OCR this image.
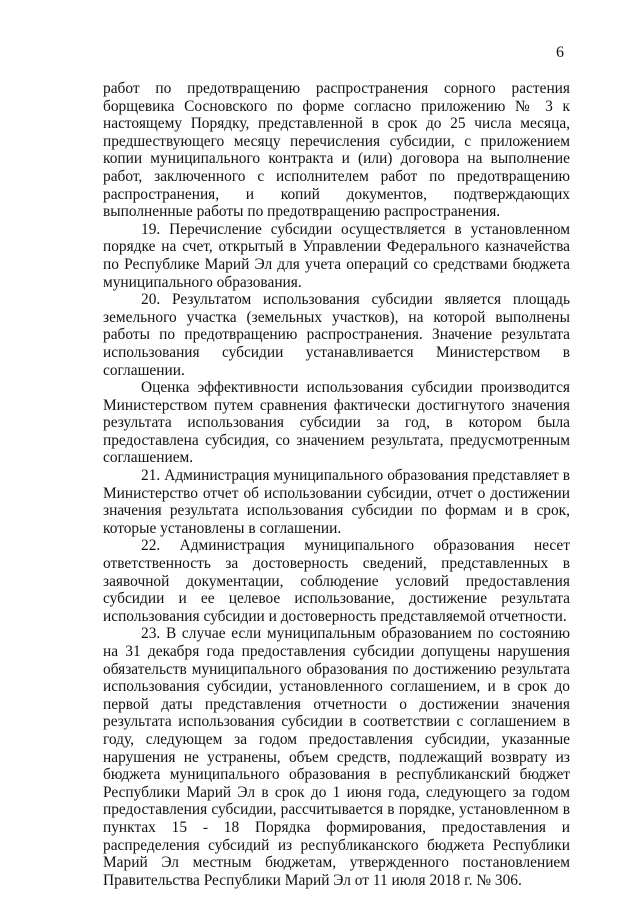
6

работ по предотвращению распространения сорного растения борщевика Сосновского по форме согласно приложению № 3 к настоящему Порядку, представленной в срок до 25 числа месяца, предшествующего месяцу перечисления субсидии, с приложением копии муниципального контракта и (или) договора на выполнение работ, заключенного с исполнителем работ по предотвращению распространения, и копий документов, подтверждающих выполненные работы по предотвращению распространения.

19. Перечисление субсидии осуществляется в установленном порядке на счет, открытый в Управлении Федерального казначейства по Республике Марий Эл для учета операций со средствами бюджета муниципального образования.

20. Результатом использования субсидии является площадь земельного участка (земельных участков), на которой выполнены работы по предотвращению распространения. Значение результата использования субсидии устанавливается Министерством в соглашении.

Оценка эффективности использования субсидии производится Министерством путем сравнения фактически достигнутого значения результата использования субсидии за год, в котором была предоставлена субсидия, со значением результата, предусмотренным соглашением.

21. Администрация муниципального образования представляет в Министерство отчет об использовании субсидии, отчет о достижении значения результата использования субсидии по формам и в срок, которые установлены в соглашении.

22. Администрация муниципального образования несет ответственность за достоверность сведений, представленных в заявочной документации, соблюдение условий предоставления субсидии и ее целевое использование, достижение результата использования субсидии и достоверность представляемой отчетности.

23. В случае если муниципальным образованием по состоянию на 31 декабря года предоставления субсидии допущены нарушения обязательств муниципального образования по достижению результата использования субсидии, установленного соглашением, и в срок до первой даты представления отчетности о достижении значения результата использования субсидии в соответствии с соглашением в году, следующем за годом предоставления субсидии, указанные нарушения не устранены, объем средств, подлежащий возврату из бюджета муниципального образования в республиканский бюджет Республики Марий Эл в срок до 1 июня года, следующего за годом предоставления субсидии, рассчитывается в порядке, установленном в пунктах 15 - 18 Порядка формирования, предоставления и распределения субсидий из республиканского бюджета Республики Марий Эл местным бюджетам, утвержденного постановлением Правительства Республики Марий Эл от 11 июля 2018 г. № 306.
